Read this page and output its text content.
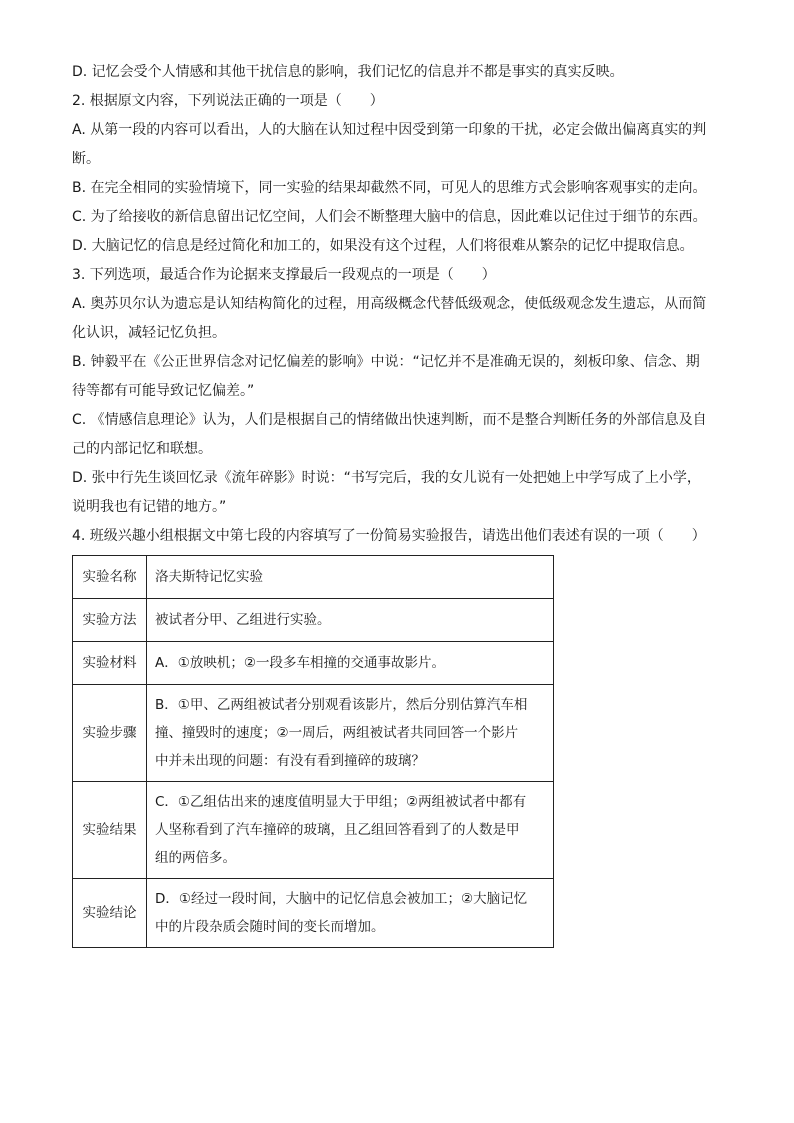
D. 记忆会受个人情感和其他干扰信息的影响，我们记忆的信息并不都是事实的真实反映。

2. 根据原文内容，下列说法正确的一项是（　　）

A. 从第一段的内容可以看出，人的大脑在认知过程中因受到第一印象的干扰，必定会做出偏离真实的判

断。

B. 在完全相同的实验情境下，同一实验的结果却截然不同，可见人的思维方式会影响客观事实的走向。

C. 为了给接收的新信息留出记忆空间，人们会不断整理大脑中的信息，因此难以记住过于细节的东西。

D. 大脑记忆的信息是经过简化和加工的，如果没有这个过程，人们将很难从繁杂的记忆中提取信息。

3. 下列选项，最适合作为论据来支撑最后一段观点的一项是（　　）

A. 奥苏贝尔认为遗忘是认知结构简化的过程，用高级概念代替低级观念，使低级观念发生遗忘，从而简

化认识，减轻记忆负担。

B. 钟毅平在《公正世界信念对记忆偏差的影响》中说：“记忆并不是准确无误的，刻板印象、信念、期

待等都有可能导致记忆偏差。”

C. 《情感信息理论》认为，人们是根据自己的情绪做出快速判断，而不是整合判断任务的外部信息及自

己的内部记忆和联想。

D. 张中行先生谈回忆录《流年碎影》时说：“书写完后，我的女儿说有一处把她上中学写成了上小学，

说明我也有记错的地方。”

4. 班级兴趣小组根据文中第七段的内容填写了一份简易实验报告，请选出他们表述有误的一项（　　）

实验名称	洛夫斯特记忆实验
实验方法	被试者分甲、乙组进行实验。
实验材料	A．①放映机；②一段多车相撞的交通事故影片。
实验步骤	B．①甲、乙两组被试者分别观看该影片，然后分别估算汽车相
撞、撞毁时的速度；②一周后，两组被试者共同回答一个影片
中并未出现的问题：有没有看到撞碎的玻璃？

实验结果	C．①乙组估出来的速度值明显大于甲组；②两组被试者中都有
人坚称看到了汽车撞碎的玻璃，且乙组回答看到了的人数是甲
组的两倍多。

实验结论	D．①经过一段时间，大脑中的记忆信息会被加工；②大脑记忆
中的片段杂质会随时间的变长而增加。
